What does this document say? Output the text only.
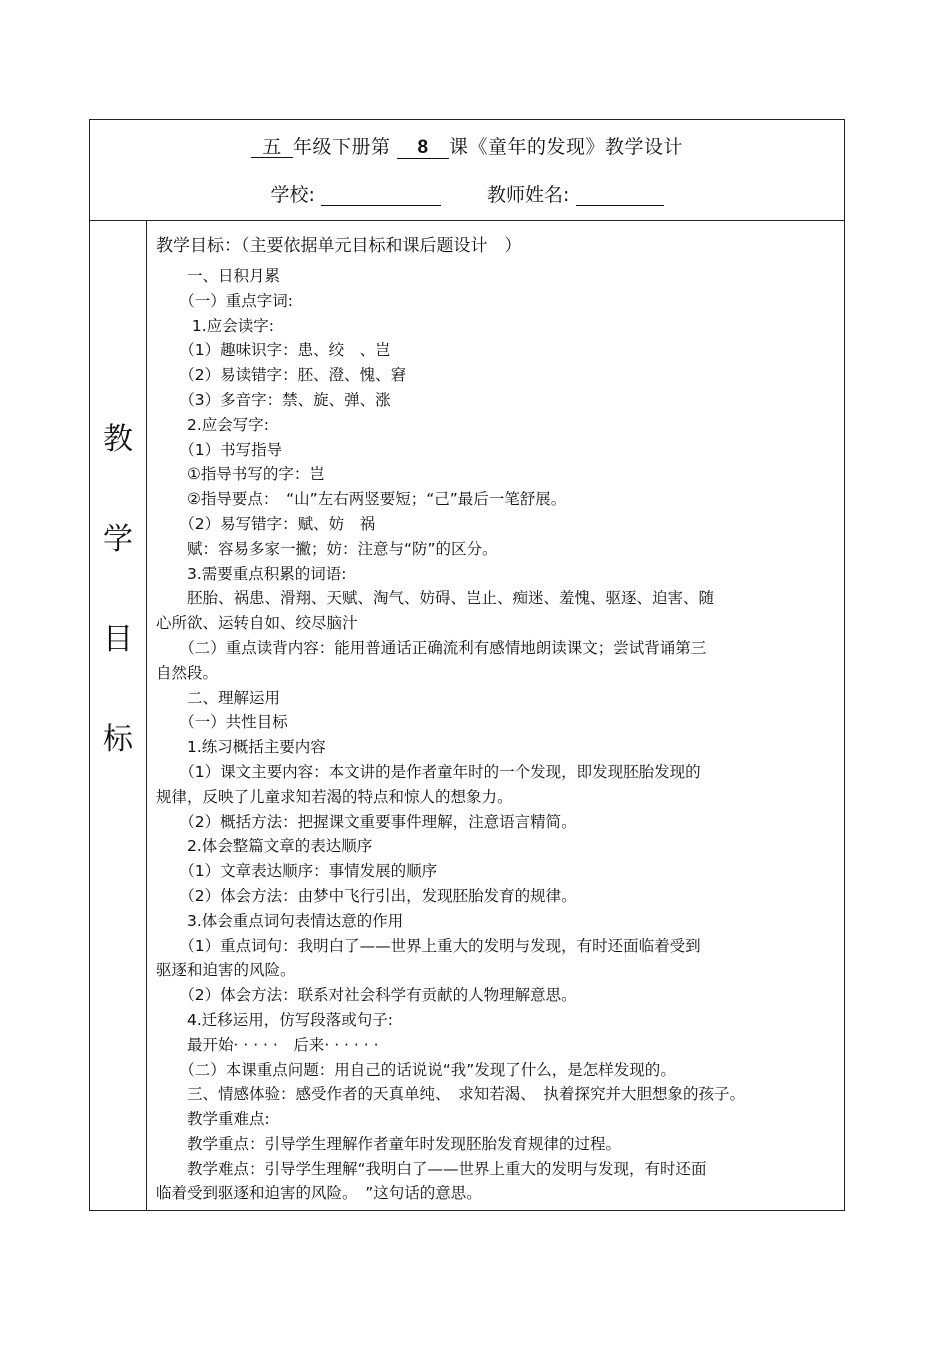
五 年级下册第 8 课《童年的发现》教学设计
学校:	教师姓名:
教
学
目
标
教学目标：（主要依据单元目标和课后题设计　）
　　一、日积月累
　　（一）重点字词:
　　 1.应会读字:
　　（1）趣味识字：患、绞　、岂
　　（2）易读错字：胚、澄、愧、窘
　　（3）多音字：禁、旋、弹、涨
　　2.应会写字:
　　（1）书写指导
　　①指导书写的字：岂
　　②指导要点：　“山”左右两竖要短；“己”最后一笔舒展。
　　（2）易写错字：赋、妨　祸
　　赋：容易多家一撇；妨：注意与“防”的区分。
　　3.需要重点积累的词语:
　　胚胎、祸患、滑翔、天赋、淘气、妨碍、岂止、痴迷、羞愧、驱逐、迫害、随
心所欲、运转自如、绞尽脑汁
　　（二）重点读背内容：能用普通话正确流利有感情地朗读课文；尝试背诵第三
自然段。
　　二、理解运用
　　（一）共性目标
　　1.练习概括主要内容
　　（1）课文主要内容：本文讲的是作者童年时的一个发现，即发现胚胎发现的
规律，反映了儿童求知若渴的特点和惊人的想象力。
　　（2）概括方法：把握课文重要事件理解，注意语言精简。
　　2.体会整篇文章的表达顺序
　　（1）文章表达顺序：事情发展的顺序
　　（2）体会方法：由梦中飞行引出，发现胚胎发育的规律。
　　3.体会重点词句表情达意的作用
　　（1）重点词句：我明白了——世界上重大的发明与发现，有时还面临着受到
驱逐和迫害的风险。
　　（2）体会方法：联系对社会科学有贡献的人物理解意思。
　　4.迁移运用，仿写段落或句子:
　　最开始· · · · ·　后来· · · · · ·
　　（二）本课重点问题：用自己的话说说“我”发现了什么，是怎样发现的。
　　三、情感体验：感受作者的天真单纯、　求知若渴、　执着探究并大胆想象的孩子。
　　教学重难点:
　　教学重点：引导学生理解作者童年时发现胚胎发育规律的过程。
　　教学难点：引导学生理解“我明白了——世界上重大的发明与发现，有时还面
临着受到驱逐和迫害的风险。　”这句话的意思。
